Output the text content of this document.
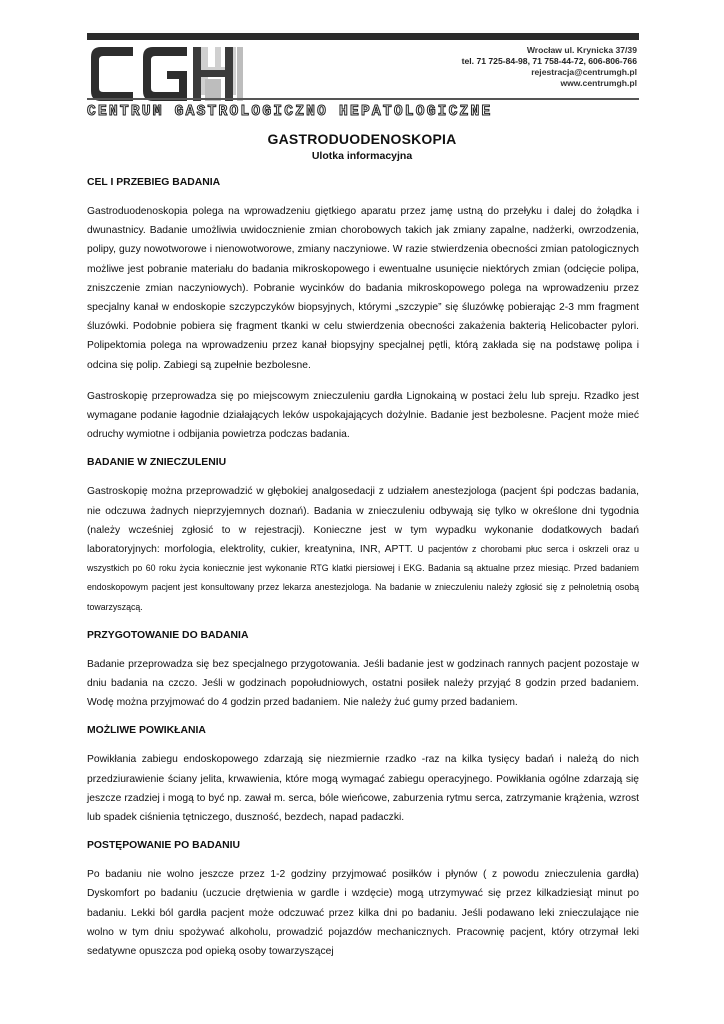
Wrocław ul. Krynicka 37/39
tel. 71 725-84-98, 71 758-44-72, 606-806-766
rejestracja@centrumgh.pl
www.centrumgh.pl
CENTRUM GASTROLOGICZNO HEPATOLOGICZNE
GASTRODUODENOSKOPIA
Ulotka informacyjna
CEL I PRZEBIEG BADANIA

Gastroduodenoskopia polega na wprowadzeniu giętkiego aparatu przez jamę ustną do przełyku i dalej do żołądka i dwunastnicy. Badanie umożliwia uwidocznienie zmian chorobowych takich jak zmiany zapalne, nadżerki, owrzodzenia, polipy, guzy nowotworowe i nienowotworowe, zmiany naczyniowe. W razie stwierdzenia obecności zmian patologicznych możliwe jest pobranie materiału do badania mikroskopowego i ewentualne usunięcie niektórych zmian (odcięcie polipa, zniszczenie zmian naczyniowych). Pobranie wycinków do badania mikroskopowego polega na wprowadzeniu przez specjalny kanał w endoskopie szczypczyków biopsyjnych, którymi „szczypie” się śluzówkę pobierając 2-3 mm fragment śluzówki. Podobnie pobiera się fragment tkanki w celu stwierdzenia obecności zakażenia bakterią Helicobacter pylori. Polipektomia polega na wprowadzeniu przez kanał biopsyjny specjalnej pętli, którą zakłada się na podstawę polipa i odcina się polip. Zabiegi są zupełnie bezbolesne.

Gastroskopię przeprowadza się po miejscowym znieczuleniu gardła Lignokainą w postaci żelu lub spreju. Rzadko jest wymagane podanie łagodnie działających leków uspokajających dożylnie. Badanie jest bezbolesne. Pacjent może mieć odruchy wymiotne i odbijania powietrza podczas badania.

BADANIE W ZNIECZULENIU

Gastroskopię można przeprowadzić w głębokiej analgosedacji z udziałem anestezjologa (pacjent śpi podczas badania, nie odczuwa żadnych nieprzyjemnych doznań). Badania w znieczuleniu odbywają się tylko w określone dni tygodnia (należy wcześniej zgłosić to w rejestracji). Konieczne jest w tym wypadku wykonanie dodatkowych badań laboratoryjnych: morfologia, elektrolity, cukier, kreatynina, INR, APTT. U pacjentów z chorobami płuc serca i oskrzeli oraz u wszystkich po 60 roku życia koniecznie jest wykonanie RTG klatki piersiowej i EKG. Badania są aktualne przez miesiąc. Przed badaniem endoskopowym pacjent jest konsultowany przez lekarza anestezjologa. Na badanie w znieczuleniu należy zgłosić się z pełnoletnią osobą towarzyszącą.

PRZYGOTOWANIE DO BADANIA

Badanie przeprowadza się bez specjalnego przygotowania. Jeśli badanie jest w godzinach rannych pacjent pozostaje w dniu badania na czczo. Jeśli w godzinach popołudniowych, ostatni posiłek należy przyjąć 8 godzin przed badaniem. Wodę można przyjmować do 4 godzin przed badaniem. Nie należy żuć gumy przed badaniem.

MOŻLIWE POWIKŁANIA

Powikłania zabiegu endoskopowego zdarzają się niezmiernie rzadko -raz na kilka tysięcy badań i należą do nich przedziurawienie ściany jelita, krwawienia, które mogą wymagać zabiegu operacyjnego. Powikłania ogólne zdarzają się jeszcze rzadziej i mogą to być np. zawał m. serca, bóle wieńcowe, zaburzenia rytmu serca, zatrzymanie krążenia, wzrost lub spadek ciśnienia tętniczego, duszność, bezdech, napad padaczki.

POSTĘPOWANIE PO BADANIU

Po badaniu nie wolno jeszcze przez 1-2 godziny przyjmować posiłków i płynów ( z powodu znieczulenia gardła) Dyskomfort po badaniu (uczucie drętwienia w gardle i wzdęcie) mogą utrzymywać się przez kilkadziesiąt minut po badaniu. Lekki ból gardła pacjent może odczuwać przez kilka dni po badaniu. Jeśli podawano leki znieczulające nie wolno w tym dniu spożywać alkoholu, prowadzić pojazdów mechanicznych. Pracownię pacjent, który otrzymał leki sedatywne opuszcza pod opieką osoby towarzyszącej
